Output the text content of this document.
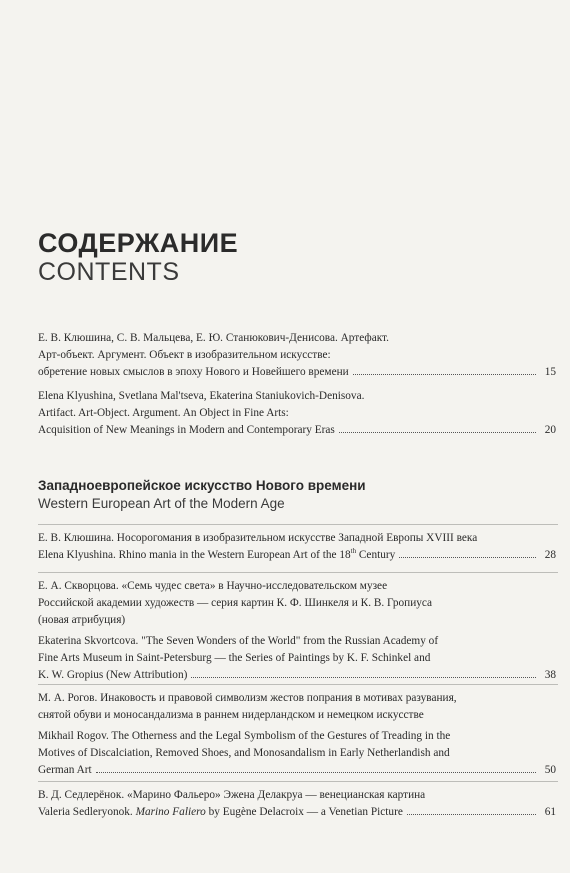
СОДЕРЖАНИЕ
CONTENTS
Е. В. Клюшина, С. В. Мальцева, Е. Ю. Станюкович-Денисова. Артефакт.
Арт-объект. Аргумент. Объект в изобразительном искусстве:
обретение новых смыслов в эпоху Нового и Новейшего времени	15
Elena Klyushina, Svetlana Mal'tseva, Ekaterina Staniukovich-Denisova.
Artifact. Art-Object. Argument. An Object in Fine Arts:
Acquisition of New Meanings in Modern and Contemporary Eras	20
Западноевропейское искусство Нового времени
Western European Art of the Modern Age
Е. В. Клюшина. Носорогомания в изобразительном искусстве Западной Европы XVIII века
Elena Klyushina. Rhino mania in the Western European Art of the 18th Century	28
Е. А. Скворцова. «Семь чудес света» в Научно-исследовательском музее
Российской академии художеств — серия картин К. Ф. Шинкеля и К. В. Гропиуса
(новая атрибуция)
Ekaterina Skvortcova. "The Seven Wonders of the World" from the Russian Academy of
Fine Arts Museum in Saint-Petersburg — the Series of Paintings by K. F. Schinkel and
K. W. Gropius (New Attribution)	38
М. А. Рогов. Инаковость и правовой символизм жестов попрания в мотивах разувания,
снятой обуви и моносандализма в раннем нидерландском и немецком искусстве
Mikhail Rogov. The Otherness and the Legal Symbolism of the Gestures of Treading in the
Motives of Discalciation, Removed Shoes, and Monosandalism in Early Netherlandish and
German Art	50
В. Д. Седлерёнок. «Марино Фальеро» Эжена Делакруа — венецианская картина
Valeria Sedleryonok. Marino Faliero by Eugène Delacroix — a Venetian Picture	61
